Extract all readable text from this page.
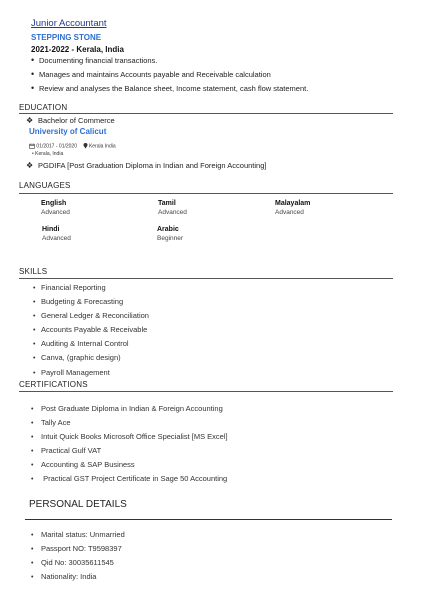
Junior Accountant
STEPPING STONE
2021-2022 - Kerala, India
• Documenting financial transactions.
• Manages and maintains Accounts payable and Receivable calculation
• Review and analyses the Balance sheet, Income statement, cash flow statement.
EDUCATION
❖ Bachelor of Commerce
University of Calicut
01/2017 - 01/2020 Kerala India
• Kerala, India
❖ PGDIFA [Post Graduation Diploma in Indian and Foreign Accounting]
LANGUAGES
English
Advanced
Tamil
Advanced
Malayalam
Advanced
Hindi
Advanced
Arabic
Beginner
SKILLS
• Financial Reporting
• Budgeting & Forecasting
• General Ledger & Reconciliation
• Accounts Payable & Receivable
• Auditing & Internal Control
• Canva, (graphic design)
• Payroll Management
CERTIFICATIONS
• Post Graduate Diploma in Indian & Foreign Accounting
• Tally Ace
• Intuit Quick Books Microsoft Office Specialist [MS Excel]
• Practical Gulf VAT
• Accounting & SAP Business
• Practical GST Project Certificate in Sage 50 Accounting
PERSONAL DETAILS
• Marital status: Unmarried
• Passport NO: T9598397
• Qid No: 30035611545
• Nationality: India
